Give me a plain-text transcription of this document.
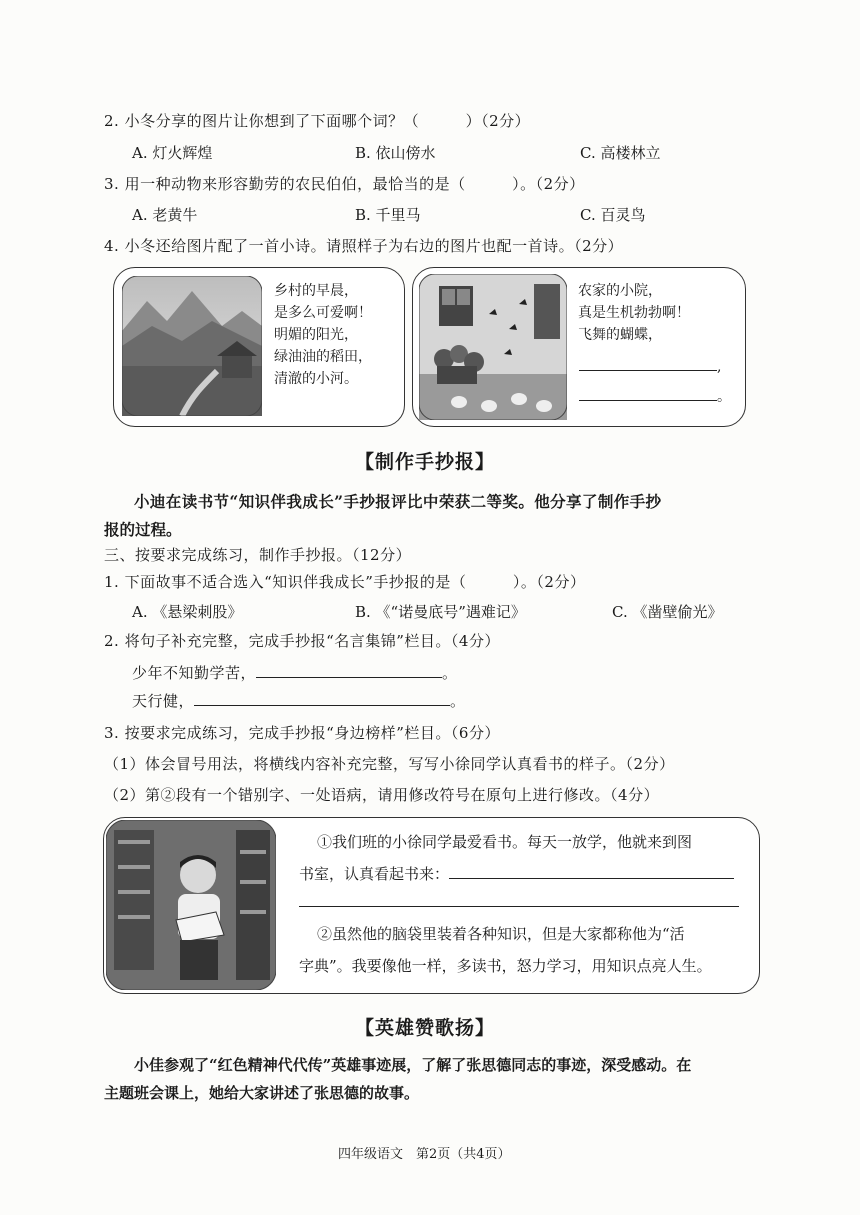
2. 小冬分享的图片让你想到了下面哪个词？（　　　）（2分）
A. 灯火辉煌	B. 依山傍水	C. 高楼林立
3. 用一种动物来形容勤劳的农民伯伯，最恰当的是（　　　）。（2分）
A. 老黄牛	B. 千里马	C. 百灵鸟
4. 小冬还给图片配了一首小诗。请照样子为右边的图片也配一首诗。（2分）
乡村的早晨，
是多么可爱啊！
明媚的阳光，
绿油油的稻田，
清澈的小河。
农家的小院，
真是生机勃勃啊！
飞舞的蝴蝶，
,
。
【制作手抄报】
小迪在读书节“知识伴我成长”手抄报评比中荣获二等奖。他分享了制作手抄
报的过程。
三、按要求完成练习，制作手抄报。（12分）
1. 下面故事不适合选入“知识伴我成长”手抄报的是（　　　）。（2分）
A. 《悬梁刺股》	B. 《“诺曼底号”遇难记》	C. 《凿壁偷光》
2. 将句子补充完整，完成手抄报“名言集锦”栏目。（4分）
少年不知勤学苦，	。
天行健，	。
3. 按要求完成练习，完成手抄报“身边榜样”栏目。（6分）
（1）体会冒号用法，将横线内容补充完整，写写小徐同学认真看书的样子。（2分）
（2）第②段有一个错别字、一处语病，请用修改符号在原句上进行修改。（4分）
①我们班的小徐同学最爱看书。每天一放学，他就来到图
书室，认真看起书来：
②虽然他的脑袋里装着各种知识，但是大家都称他为“活
字典”。我要像他一样，多读书，怒力学习，用知识点亮人生。
【英雄赞歌扬】
小佳参观了“红色精神代代传”英雄事迹展，了解了张思德同志的事迹，深受感动。在
主题班会课上，她给大家讲述了张思德的故事。
四年级语文　第2页（共4页）
